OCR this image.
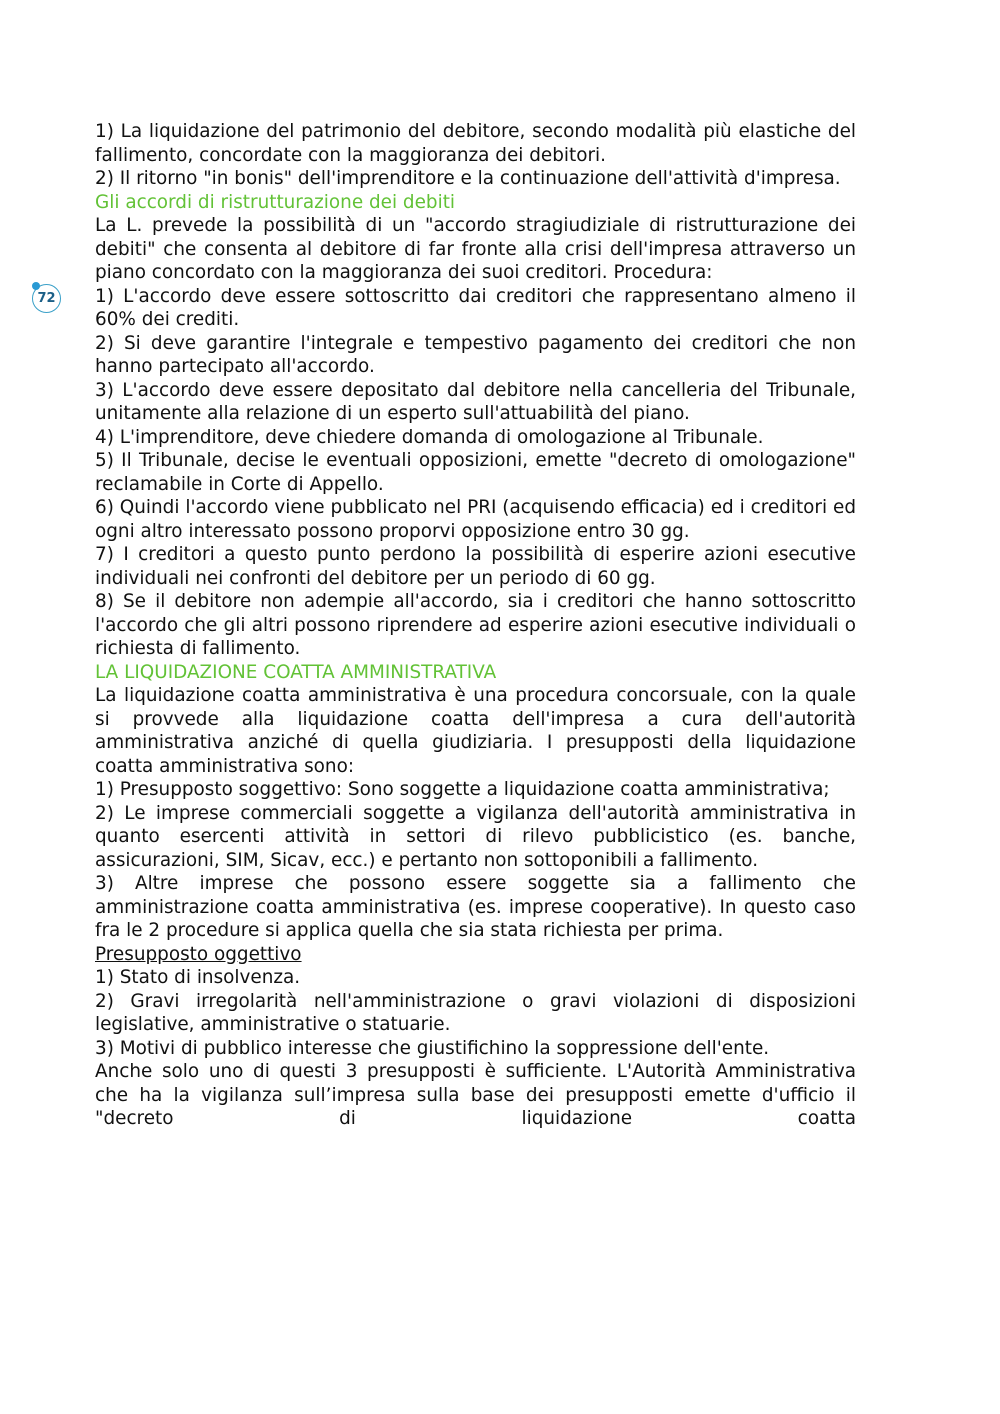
72

1) La liquidazione del patrimonio del debitore, secondo modalità più elastiche del fallimento, concordate con la maggioranza dei debitori.

2) Il ritorno "in bonis" dell'imprenditore e la continuazione dell'attività d'impresa.

Gli accordi di ristrutturazione dei debiti

La L. prevede la possibilità di un "accordo stragiudiziale di ristrutturazione dei debiti" che consenta al debitore di far fronte alla crisi dell'impresa attraverso un piano concordato con la maggioranza dei suoi creditori. Procedura:

1) L'accordo deve essere sottoscritto dai creditori che rappresentano almeno il 60% dei crediti.

2) Si deve garantire l'integrale e tempestivo pagamento dei creditori che non hanno partecipato all'accordo.

3) L'accordo deve essere depositato dal debitore nella cancelleria del Tribunale, unitamente alla relazione di un esperto sull'attuabilità del piano.

4) L'imprenditore, deve chiedere domanda di omologazione al Tribunale.

5) Il Tribunale, decise le eventuali opposizioni, emette "decreto di omologazione" reclamabile in Corte di Appello.

6) Quindi l'accordo viene pubblicato nel PRI (acquisendo efficacia) ed i creditori ed ogni altro interessato possono proporvi opposizione entro 30 gg.

7) I creditori a questo punto perdono la possibilità di esperire azioni esecutive individuali nei confronti del debitore per un periodo di 60 gg.

8) Se il debitore non adempie all'accordo, sia i creditori che hanno sottoscritto l'accordo che gli altri possono riprendere ad esperire azioni esecutive individuali o richiesta di fallimento.

LA LIQUIDAZIONE COATTA AMMINISTRATIVA

La liquidazione coatta amministrativa è una procedura concorsuale, con la quale si provvede alla liquidazione coatta dell'impresa a cura dell'autorità amministrativa anziché di quella giudiziaria. I presupposti della liquidazione coatta amministrativa sono:

1) Presupposto soggettivo: Sono soggette a liquidazione coatta amministrativa;

2) Le imprese commerciali soggette a vigilanza dell'autorità amministrativa in quanto esercenti attività in settori di rilevo pubblicistico (es. banche, assicurazioni, SIM, Sicav, ecc.) e pertanto non sottoponibili a fallimento.

3) Altre imprese che possono essere soggette sia a fallimento che amministrazione coatta amministrativa (es. imprese cooperative). In questo caso fra le 2 procedure si applica quella che sia stata richiesta per prima.

Presupposto oggettivo

1) Stato di insolvenza.

2) Gravi irregolarità nell'amministrazione o gravi violazioni di disposizioni legislative, amministrative o statuarie.

3) Motivi di pubblico interesse che giustifichino la soppressione dell'ente.

Anche solo uno di questi 3 presupposti è sufficiente. L'Autorità Amministrativa che ha la vigilanza sull’impresa sulla base dei presupposti emette d'ufficio il "decreto di liquidazione coatta
